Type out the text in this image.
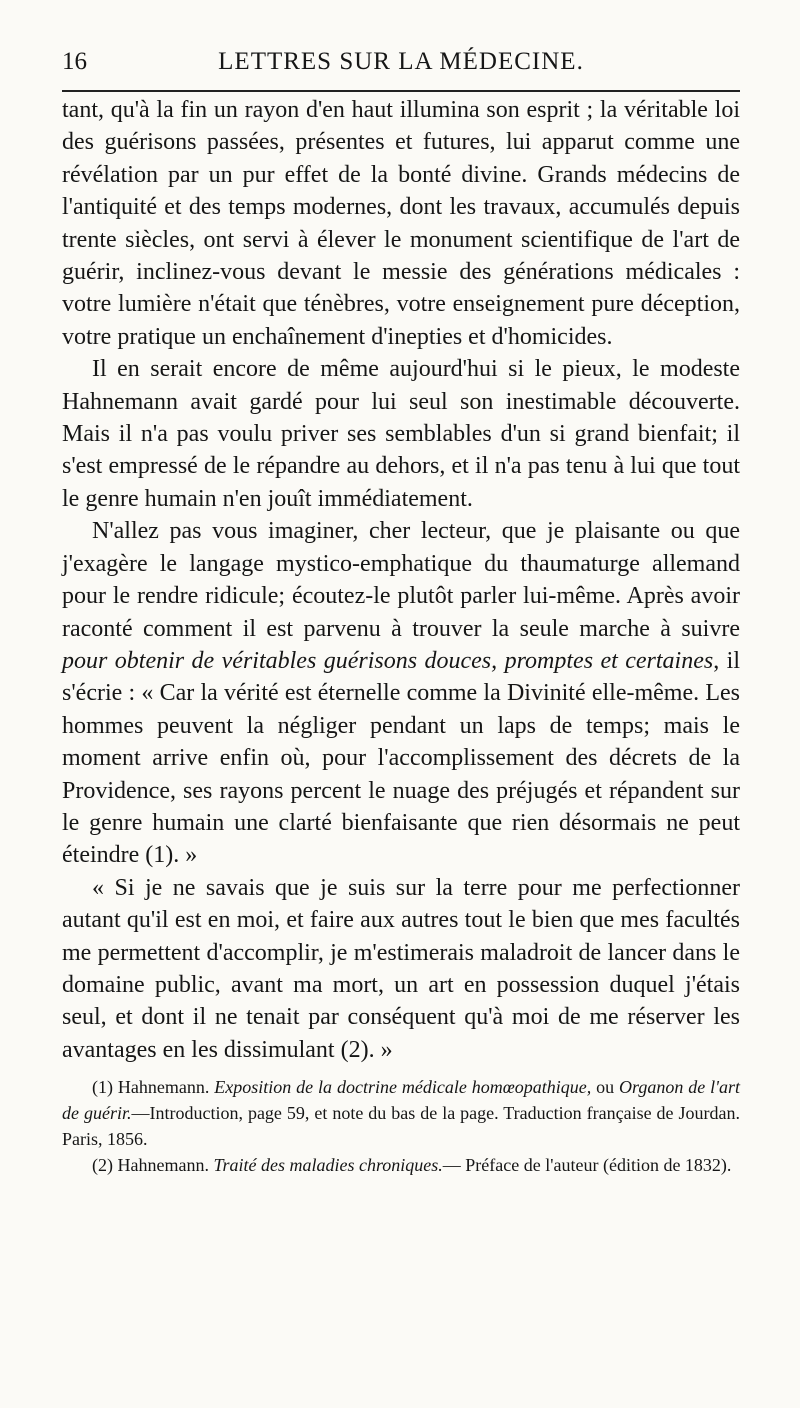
16	LETTRES SUR LA MÉDECINE.

tant, qu'à la fin un rayon d'en haut illumina son esprit ; la véritable loi des guérisons passées, présentes et futures, lui apparut comme une révélation par un pur effet de la bonté divine. Grands médecins de l'antiquité et des temps modernes, dont les travaux, accumulés depuis trente siècles, ont servi à élever le monument scientifique de l'art de guérir, inclinez-vous devant le messie des générations médicales : votre lumière n'était que ténèbres, votre enseignement pure déception, votre pratique un enchaînement d'inepties et d'homicides.

Il en serait encore de même aujourd'hui si le pieux, le modeste Hahnemann avait gardé pour lui seul son inestimable découverte. Mais il n'a pas voulu priver ses semblables d'un si grand bienfait; il s'est empressé de le répandre au dehors, et il n'a pas tenu à lui que tout le genre humain n'en jouît immédiatement.

N'allez pas vous imaginer, cher lecteur, que je plaisante ou que j'exagère le langage mystico-emphatique du thaumaturge allemand pour le rendre ridicule; écoutez-le plutôt parler lui-même. Après avoir raconté comment il est parvenu à trouver la seule marche à suivre pour obtenir de véritables guérisons douces, promptes et certaines, il s'écrie : « Car la vérité est éternelle comme la Divinité elle-même. Les hommes peuvent la négliger pendant un laps de temps; mais le moment arrive enfin où, pour l'accomplissement des décrets de la Providence, ses rayons percent le nuage des préjugés et répandent sur le genre humain une clarté bienfaisante que rien désormais ne peut éteindre (1). »

« Si je ne savais que je suis sur la terre pour me perfectionner autant qu'il est en moi, et faire aux autres tout le bien que mes facultés me permettent d'accomplir, je m'estimerais maladroit de lancer dans le domaine public, avant ma mort, un art en possession duquel j'étais seul, et dont il ne tenait par conséquent qu'à moi de me réserver les avantages en les dissimulant (2). »

(1) Hahnemann. Exposition de la doctrine médicale homœopathique, ou Organon de l'art de guérir.—Introduction, page 59, et note du bas de la page. Traduction française de Jourdan. Paris, 1856.

(2) Hahnemann. Traité des maladies chroniques.— Préface de l'auteur (édition de 1832).
